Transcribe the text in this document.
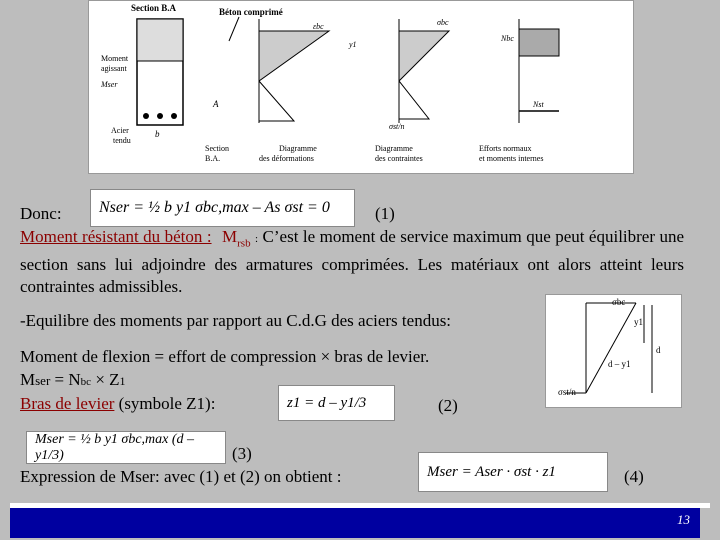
Section B.A	Béton comprimé
Moment
agissant
Mser
Acier
tendu
A
b
Section
B.A.
εbc
y1
Diagramme
des déformations
σbc
σst/n
Diagramme
des contraintes
Nbc
Nst
Efforts normaux
et moments internes
Donc: Nser = ½ b y1 σbc,max – As σst = 0	(1)
Moment résistant du béton : $M_{rsb}$ : C’est le moment de service maximum que peut équilibrer une section sans lui adjoindre des armatures comprimées. Les matériaux ont alors atteint leurs contraintes admissibles.
σbc
y1
d
d – y1
σst/n
-Equilibre des moments par rapport au C.d.G des aciers tendus:
Moment de flexion = effort de compression × bras de levier.
Mser = Nbc × Z1
Bras de levier (symbole Z1):	z1 = d – y1/3	(2)
Mser = ½ b y1 σbc,max (d – y1/3)	(3)
Expression de Mser: avec (1) et (2) on obtient :	Mser = Aser · σst · z1	(4)
13
